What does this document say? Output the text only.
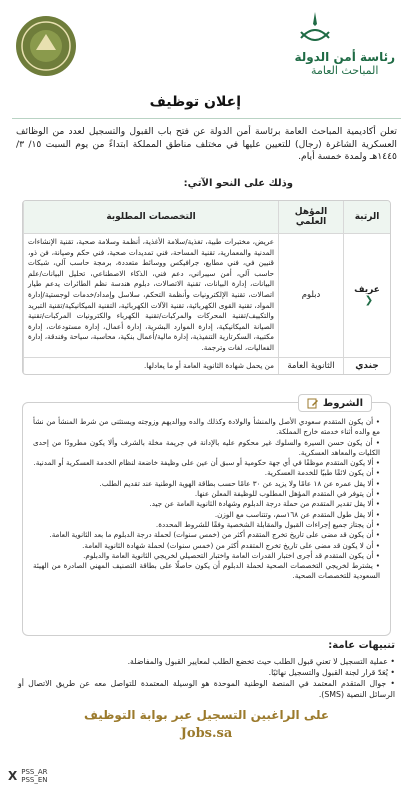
رئاسة أمن الدولة
المباحث العامة
إعلان توظيف
تعلن أكاديمية المباحث العامة برئاسة أمن الدولة عن فتح باب القبول والتسجيل لعدد من الوظائف العسكرية الشاغرة (رجال) للتعيين عليها في مختلف مناطق المملكة ابتداءً من يوم السبت ١٥/ ٣/ ١٤٤٥هـ ولمدة خمسة أيام.
وذلك على النحو الآتي:
الرتبة	المؤهل العلمي	التخصصات المطلوبة
عريف❮	دبلوم	عريض، مختبرات طبية، تغذية/سلامة الأغذية، أنظمة وسلامة صحية، تقنية الإنشاءات المدنية والمعمارية، تقنية المساحة، فني تمديدات صحية، فني حكم وصيانة، فن ذو، قنيين في، فني مطابع، جرافيكس ووسائط متعددة، برمجة حاسب آلي، شبكات حاسب آلي، أمن سيبراني، دعم فني، الذكاء الاصطناعي، تحليل البيانات/علم البيانات، إدارة البيانات، تقنية الاتصالات، دبلوم هندسة نظم الطائرات يدعم طيار اتصالات، تقنية الإلكترونيات وأنظمة التحكم، سلاسل وإمداد/خدمات لوجستية/إدارة المواد، تقنية القوى الكهربائية، تقنية الآلات الكهربائية، التقنية الميكانيكية/تقنية التبريد والتكييف/تقنية المحركات والمركبات/تقنية الكهرباء والكترونيات المركبات/تقنية الصيانة الميكانيكية، إدارة الموارد البشرية، إدارة أعمال، إدارة مستودعات، إدارة مكتبية، السكرتارية التنفيذية، إدارة مالية/أعمال بنكية، محاسبة، سياحة وفندقة، إدارة الفعاليات، لغات وترجمة.
جندي	الثانوية العامة	من يحمل شهادة الثانوية العامة أو ما يعادلها.
الشروط
• أن يكون المتقدم سعودي الأصل والمنشأ والولادة وكذلك والده ووالديهم وزوجته ويستثنى من شرط المنشأ من نشأ مع والده أثناء خدمته خارج المملكة.
• أن يكون حسن السيرة والسلوك غير محكوم عليه بالإدانة في جريمة مخلة بالشرف وألا يكون مطرودًا من إحدى الكليات والمعاهد العسكرية.
• ألا يكون المتقدم موظفًا في أي جهة حكومية أو سبق أن عين على وظيفة خاضعة لنظام الخدمة العسكرية أو المدنية.
• أن يكون لائقًا طبيًا للخدمة العسكرية.
• ألا يقل عمره عن ١٨ عامًا ولا يزيد عن ٣٠ عامًا حسب بطاقة الهوية الوطنية عند تقديم الطلب.
• أن يتوفر في المتقدم المؤهل المطلوب للوظيفة المعلن عنها.
• ألا يقل تقدير المتقدم من حملة درجة الدبلوم وشهادة الثانوية العامة عن جيد.
• ألا يقل طول المتقدم عن ١٦٨سم، وتتناسب مع الوزن.
• أن يجتاز جميع إجراءات القبول والمقابلة الشخصية وفقًا للشروط المحددة.
• أن يكون قد مضى على تاريخ تخرج المتقدم أكثر من (خمس سنوات) لحملة درجة الدبلوم ما بعد الثانوية العامة.
• أن لا يكون قد مضى على تاريخ تخرج المتقدم أكثر من (خمس سنوات) لحملة شهادة الثانوية العامة.
• أن يكون المتقدم قد أجرى اختبار القدرات العامة واختبار التحصيلي لخريجي الثانوية العامة والدبلوم.
• يشترط لخريجي التخصصات الصحية لحملة الدبلوم أن يكون حاصلًا على بطاقة التصنيف المهني الصادرة من الهيئة السعودية للتخصصات الصحية.
تنبيهات عامة:
• عملية التسجيل لا تعني قبول الطلب حيث تخضع الطلب لمعايير القبول والمفاضلة.
• يُعَدّ قرار لجنة القبول والتسجيل نهائيًا.
• جوال المتقدم المعتمد في المنصة الوطنية الموحدة هو الوسيلة المعتمدة للتواصل معه عن طريق الاتصال أو الرسائل النصية (SMS).
على الراغبين التسجيل عبر بوابة التوظيف
Jobs.sa
X PSS_AR
PSS_EN
